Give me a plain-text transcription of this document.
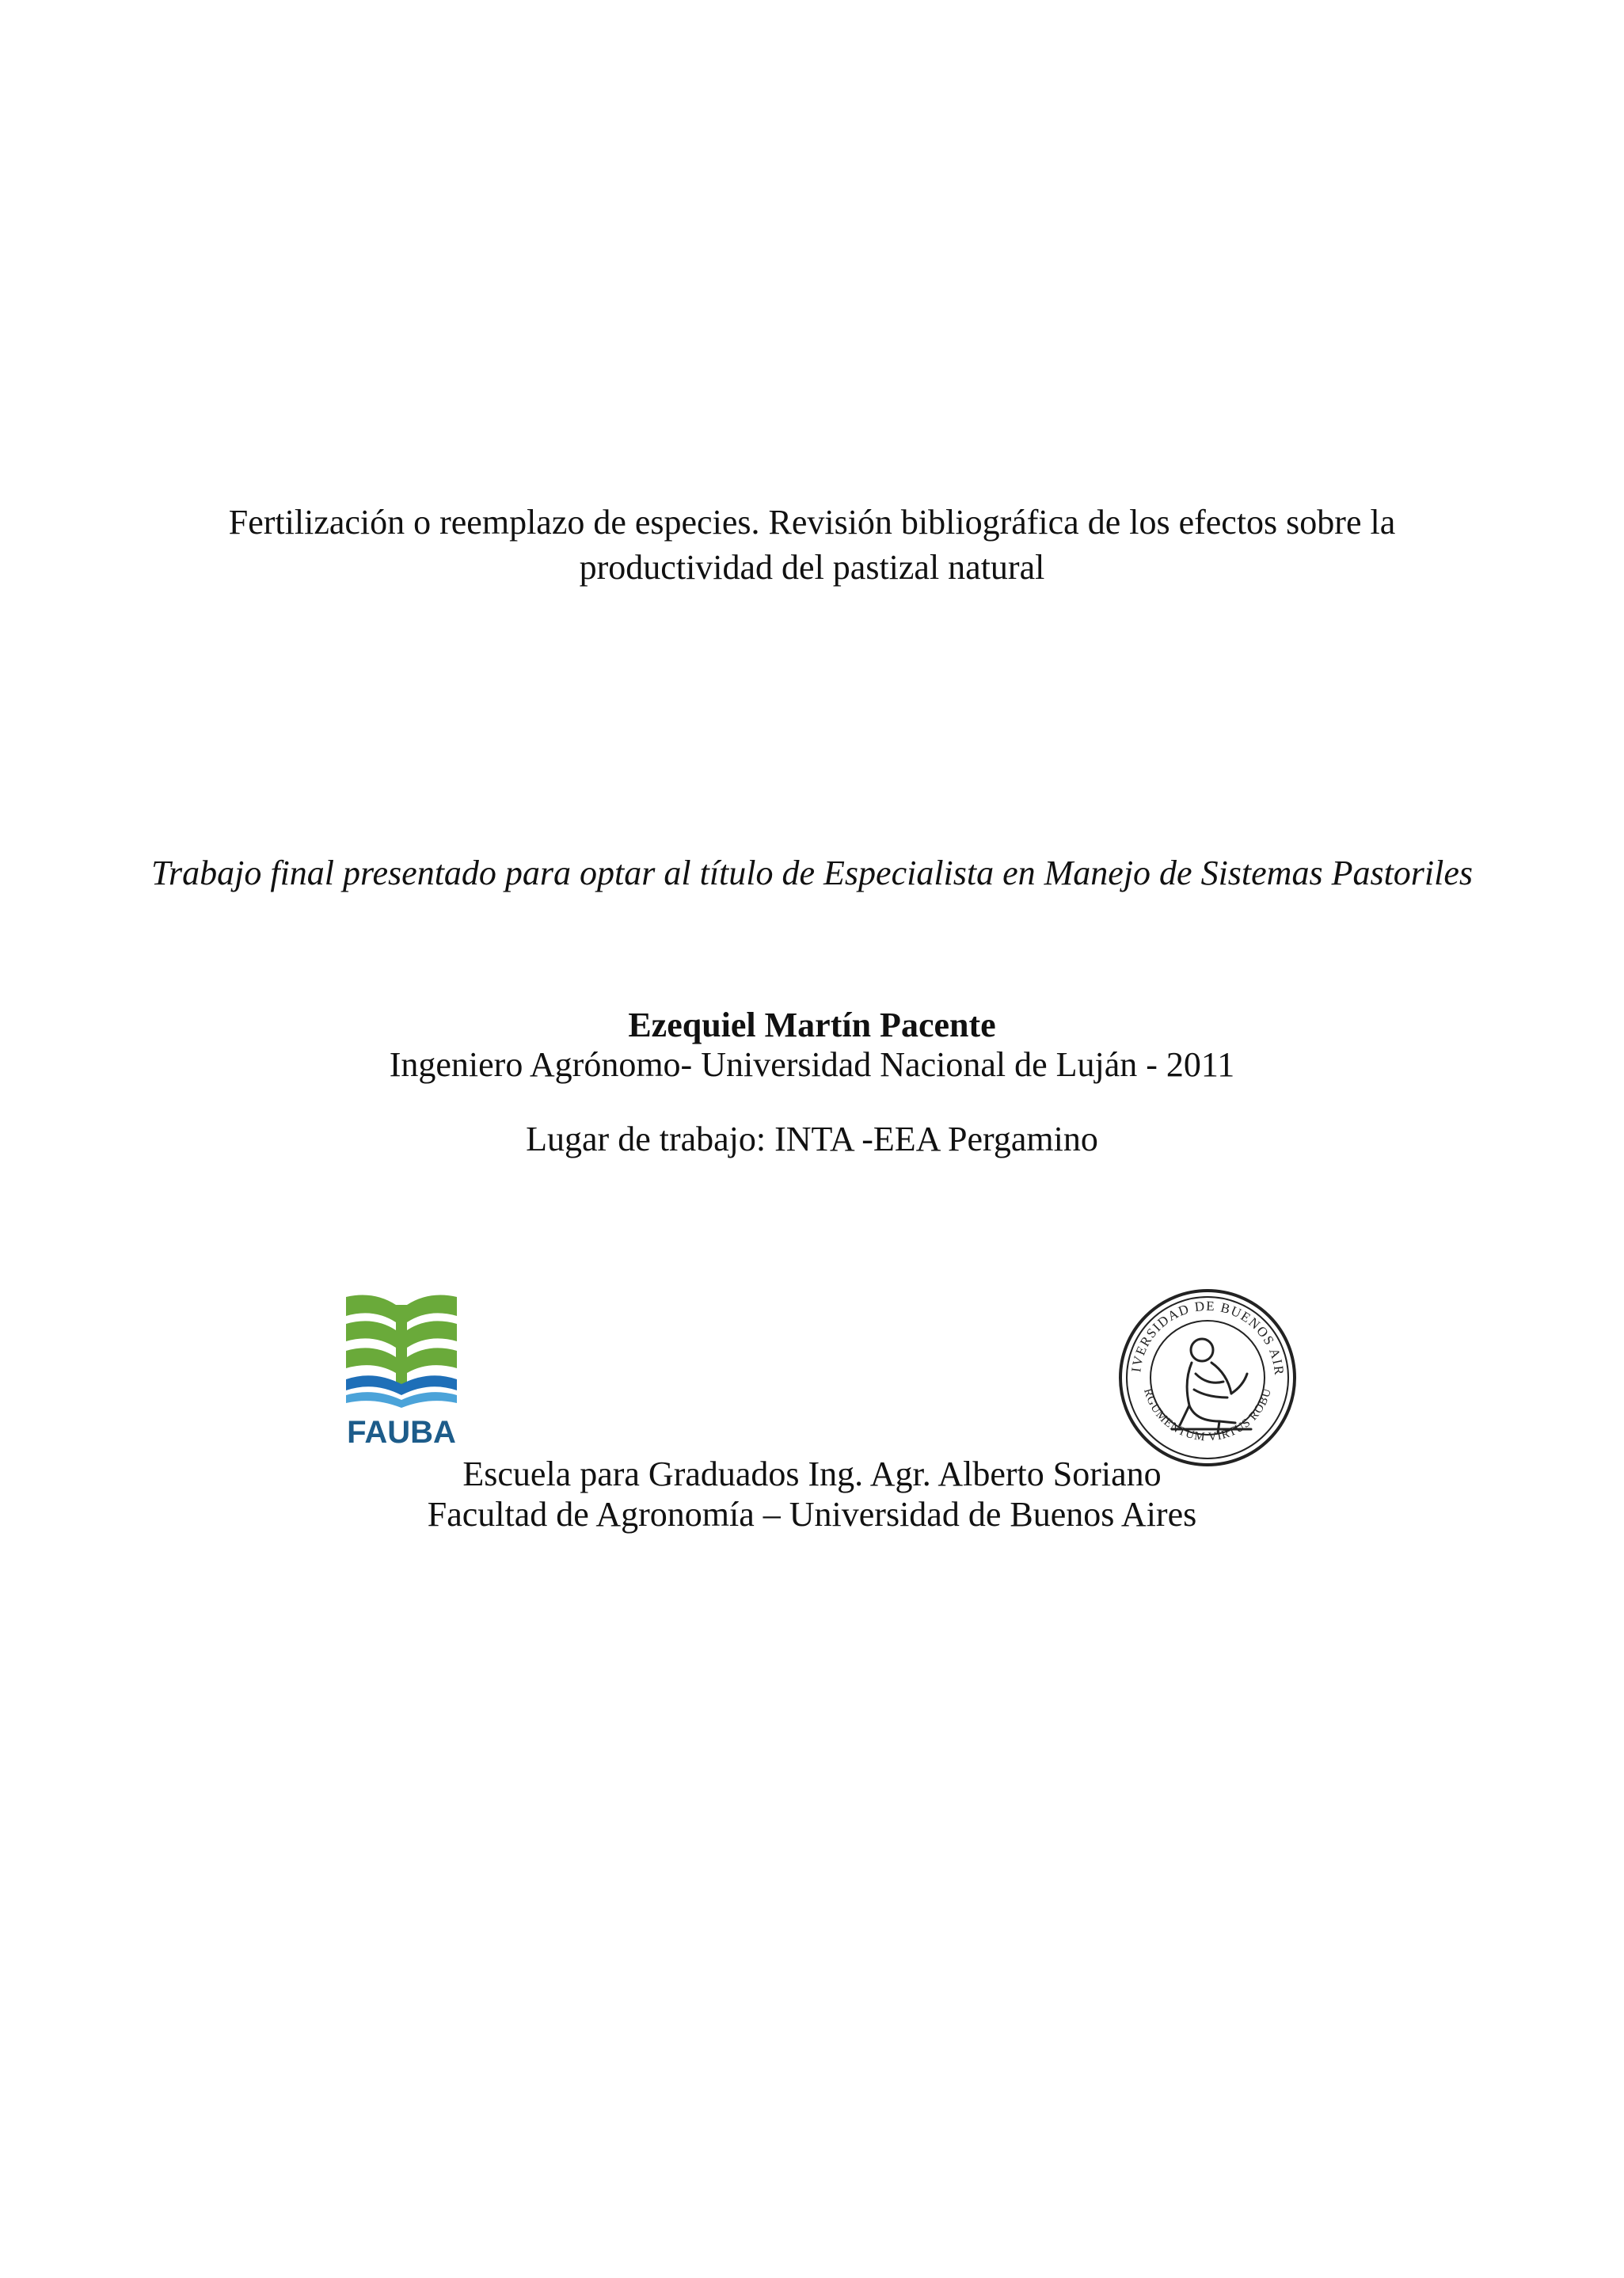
Fertilización o reemplazo de especies. Revisión bibliográfica de los efectos sobre la
productividad del pastizal natural
Trabajo final presentado para optar al título de Especialista en Manejo de Sistemas Pastoriles
Ezequiel Martín Pacente
Ingeniero Agrónomo- Universidad Nacional de Luján - 2011
Lugar de trabajo: INTA -EEA Pergamino
FAUBA
IVERSIDAD DE BUENOS AIR
RGUMENTUM VIRTUS ROBU
Escuela para Graduados Ing. Agr. Alberto Soriano
Facultad de Agronomía – Universidad de Buenos Aires
